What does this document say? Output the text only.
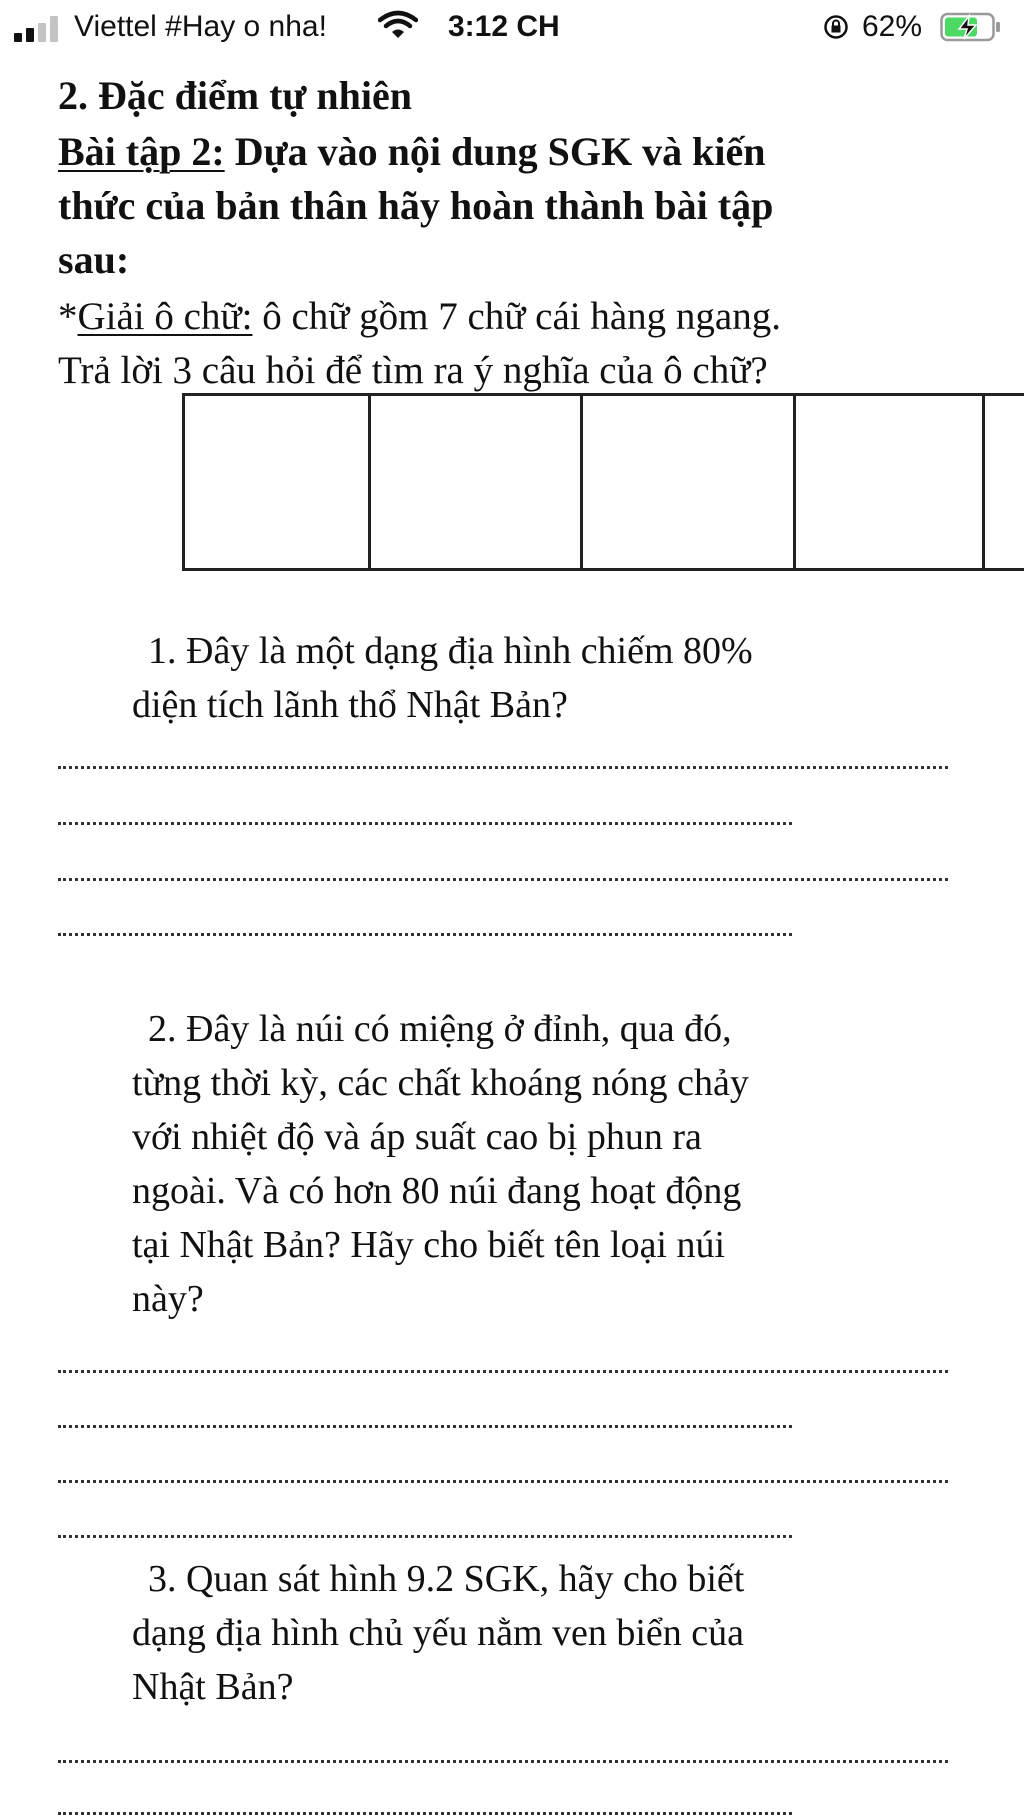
Viettel #Hay o nha!	3:12 CH	62%
2. Đặc điểm tự nhiên
Bài tập 2: Dựa vào nội dung SGK và kiến
thức của bản thân hãy hoàn thành bài tập
sau:
*Giải ô chữ: ô chữ gồm 7 chữ cái hàng ngang.
Trả lời 3 câu hỏi để tìm ra ý nghĩa của ô chữ?
1. Đây là một dạng địa hình chiếm 80%
diện tích lãnh thổ Nhật Bản?
2. Đây là núi có miệng ở đỉnh, qua đó,
từng thời kỳ, các chất khoáng nóng chảy
với nhiệt độ và áp suất cao bị phun ra
ngoài. Và có hơn 80 núi đang hoạt động
tại Nhật Bản? Hãy cho biết tên loại núi
này?
3. Quan sát hình 9.2 SGK, hãy cho biết
dạng địa hình chủ yếu nằm ven biển của
Nhật Bản?
